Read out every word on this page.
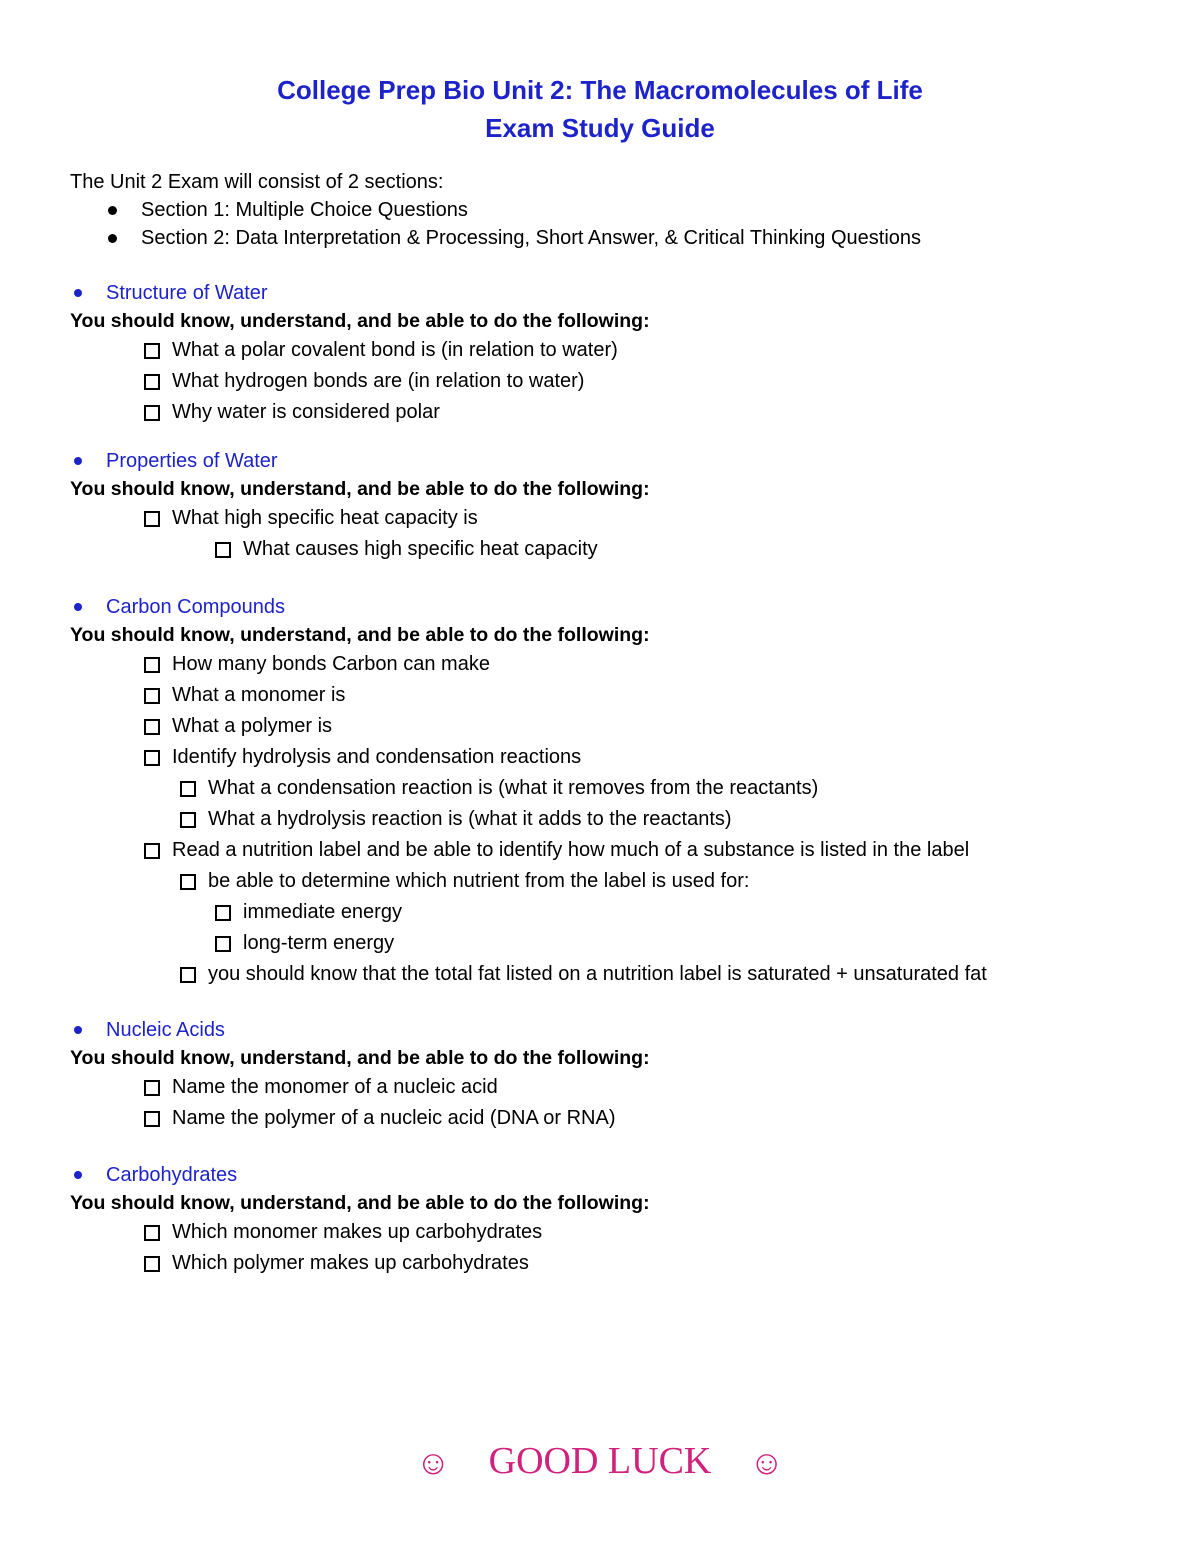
College Prep Bio Unit 2: The Macromolecules of Life
Exam Study Guide
The Unit 2 Exam will consist of 2 sections:
Section 1: Multiple Choice Questions
Section 2: Data Interpretation & Processing, Short Answer, & Critical Thinking Questions
Structure of Water
You should know, understand, and be able to do the following:
What a polar covalent bond is (in relation to water)
What hydrogen bonds are (in relation to water)
Why water is considered polar
Properties of Water
You should know, understand, and be able to do the following:
What high specific heat capacity is
What causes high specific heat capacity
Carbon Compounds
You should know, understand, and be able to do the following:
How many bonds Carbon can make
What a monomer is
What a polymer is
Identify hydrolysis and condensation reactions
What a condensation reaction is (what it removes from the reactants)
What a hydrolysis reaction is (what it adds to the reactants)
Read a nutrition label and be able to identify how much of a substance is listed in the label
be able to determine which nutrient from the label is used for:
immediate energy
long-term energy
you should know that the total fat listed on a nutrition label is saturated + unsaturated fat
Nucleic Acids
You should know, understand, and be able to do the following:
Name the monomer of a nucleic acid
Name the polymer of a nucleic acid (DNA or RNA)
Carbohydrates
You should know, understand, and be able to do the following:
Which monomer makes up carbohydrates
Which polymer makes up carbohydrates
☺ GOOD LUCK ☺
